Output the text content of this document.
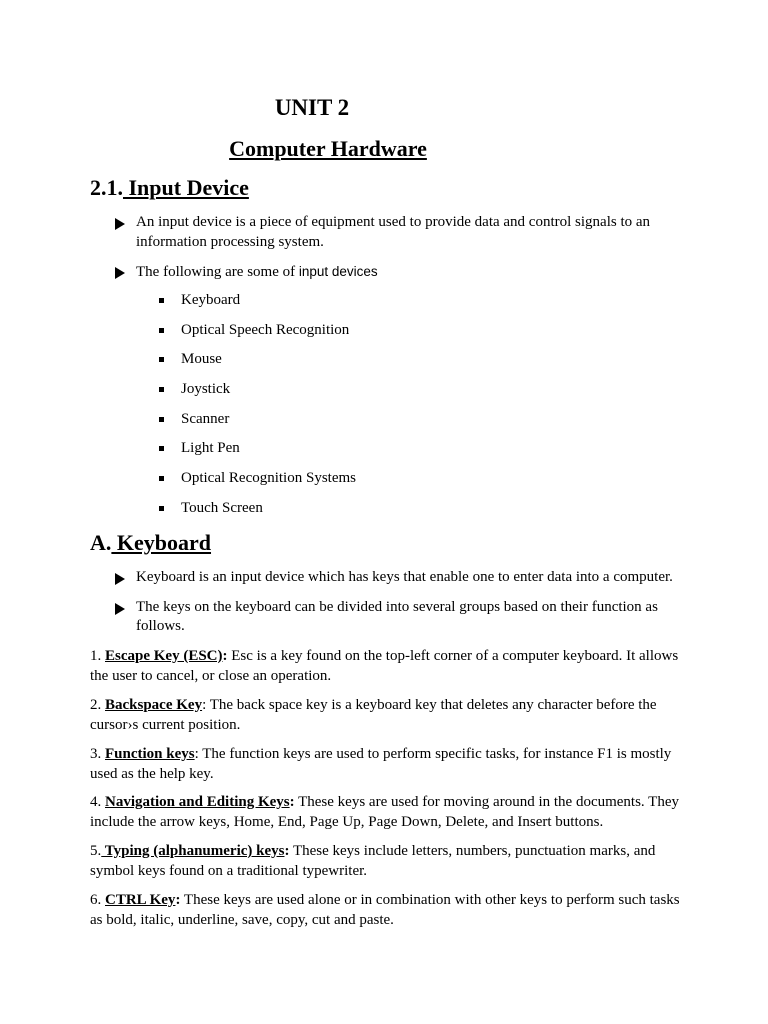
UNIT 2
Computer Hardware
2.1. Input Device
An input device is a piece of equipment used to provide data and control signals to an information processing system.
The following are some of input devices
Keyboard
Optical Speech Recognition
Mouse
Joystick
Scanner
Light Pen
Optical Recognition Systems
Touch Screen
A. Keyboard
Keyboard is an input device which has keys that enable one to enter data into a computer.
The keys on the keyboard can be divided into several groups based on their function as follows.

1. Escape Key (ESC): Esc is a key found on the top-left corner of a computer keyboard. It allows the user to cancel, or close an operation.

2. Backspace Key: The back space key is a keyboard key that deletes any character before the cursor›s current position.

3. Function keys: The function keys are used to perform specific tasks, for instance F1 is mostly used as the help key.

4. Navigation and Editing Keys: These keys are used for moving around in the documents. They include the arrow keys, Home, End, Page Up, Page Down, Delete, and Insert buttons.

5. Typing (alphanumeric) keys: These keys include letters, numbers, punctuation marks, and symbol keys found on a traditional typewriter.

6. CTRL Key: These keys are used alone or in combination with other keys to perform such tasks as bold, italic, underline, save, copy, cut and paste.
